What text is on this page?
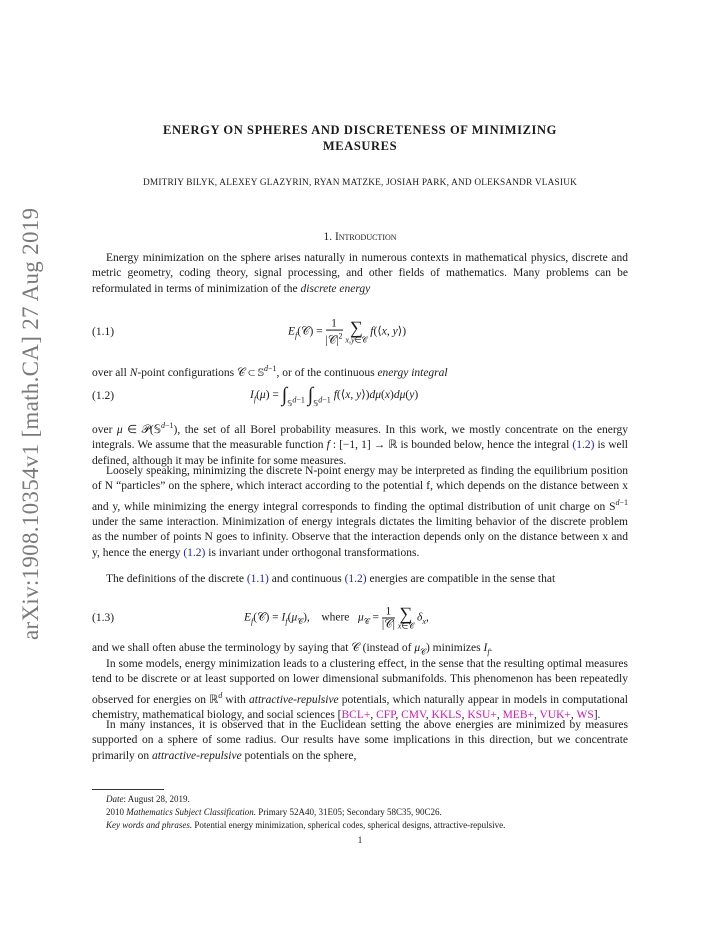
arXiv:1908.10354v1 [math.CA] 27 Aug 2019
ENERGY ON SPHERES AND DISCRETENESS OF MINIMIZING
MEASURES
DMITRIY BILYK, ALEXEY GLAZYRIN, RYAN MATZKE, JOSIAH PARK, AND OLEKSANDR VLASIUK
1. Introduction
Energy minimization on the sphere arises naturally in numerous contexts in mathematical physics, discrete and metric geometry, coding theory, signal processing, and other fields of mathematics. Many problems can be reformulated in terms of minimization of the discrete energy
(1.1)	$E_f(𝒞) = \frac{1}{|𝒞|^2}$
∑
x,y∈𝒞
f(⟨x, y⟩)
over all N-point configurations 𝒞 ⊂ 𝕊$^{d-1}$, or of the continuous energy integral
(1.2)	$I_f(\mu) = \int_{𝕊^{d-1}}$ $\int_{𝕊^{d-1}}$ f(⟨x, y⟩)dμ(x)dμ(y)
over μ ∈ 𝒫(𝕊$^{d-1}$), the set of all Borel probability measures. In this work, we mostly concentrate on the energy integrals. We assume that the measurable function f : [−1, 1] → ℝ is bounded below, hence the integral (1.2) is well defined, although it may be infinite for some measures.
Loosely speaking, minimizing the discrete N-point energy may be interpreted as finding the equilibrium position of N “particles” on the sphere, which interact according to the potential f, which depends on the distance between x and y, while minimizing the energy integral corresponds to finding the optimal distribution of unit charge on $S^{d-1}$ under the same interaction. Minimization of energy integrals dictates the limiting behavior of the discrete problem as the number of points N goes to infinity. Observe that the interaction depends only on the distance between x and y, hence the energy (1.2) is invariant under orthogonal transformations.
The definitions of the discrete (1.1) and continuous (1.2) energies are compatible in the sense that
(1.3)	$E_f(𝒞) = I_f(\mu_𝒞)$,    where $\mu_𝒞 = \frac{1}{\text{|𝒞|}}$
∑
x∈𝒞
$\delta_x$,
and we shall often abuse the terminology by saying that 𝒞 (instead of $\mu_𝒞$) minimizes $I_f$.
In some models, energy minimization leads to a clustering effect, in the sense that the resulting optimal measures tend to be discrete or at least supported on lower dimensional submanifolds. This phenomenon has been repeatedly observed for energies on ℝ$^d$ with attractive-repulsive potentials, which naturally appear in models in computational chemistry, mathematical biology, and social sciences [BCL+, CFP, CMV, KKLS, KSU+, MEB+, VUK+, WS].
In many instances, it is observed that in the Euclidean setting the above energies are minimized by measures supported on a sphere of some radius. Our results have some implications in this direction, but we concentrate primarily on attractive-repulsive potentials on the sphere,
Date: August 28, 2019.
2010 Mathematics Subject Classification. Primary 52A40, 31E05; Secondary 58C35, 90C26.
Key words and phrases. Potential energy minimization, spherical codes, spherical designs, attractive-repulsive.
1
